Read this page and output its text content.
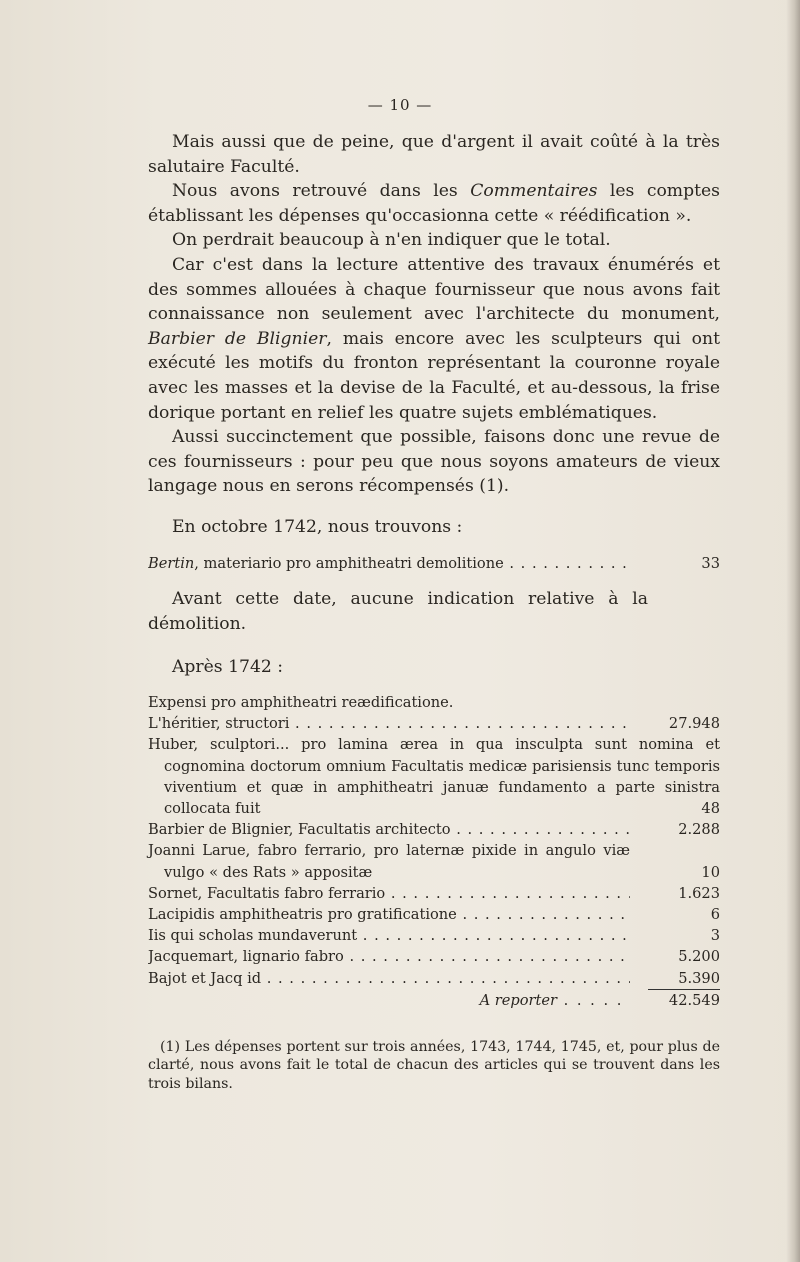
— 10 —

Mais aussi que de peine, que d'argent il avait coûté à la très salutaire Faculté.

Nous avons retrouvé dans les Commentaires les comptes établissant les dépenses qu'occasionna cette « réédification ».

On perdrait beaucoup à n'en indiquer que le total.

Car c'est dans la lecture attentive des travaux énumérés et des sommes allouées à chaque fournisseur que nous avons fait connaissance non seulement avec l'architecte du monument, Barbier de Blignier, mais encore avec les sculpteurs qui ont exécuté les motifs du fronton représentant la couronne royale avec les masses et la devise de la Faculté, et au-dessous, la frise dorique portant en relief les quatre sujets emblématiques.

Aussi succinctement que possible, faisons donc une revue de ces fournisseurs : pour peu que nous soyons amateurs de vieux langage nous en serons récompensés (1).

En octobre 1742, nous trouvons :
Bertin, materiario pro amphitheatri demolitione . . .	33

Avant cette date, aucune indication relative à la démolition.

Après 1742 :
Expensi pro amphitheatri reædificatione.
L'héritier, structori . . .	27.948
Huber, sculptori... pro lamina ærea in qua insculpta sunt nomina et cognomina doctorum omnium Facultatis medicæ parisiensis tunc temporis viventium et quæ in amphitheatri januæ fundamento a parte sinistra collocata fuit	48
Barbier de Blignier, Facultatis architecto . . .	2.288
Joanni Larue, fabro ferrario, pro laternæ pixide in angulo viæ vulgo « des Rats » appositæ	10
Sornet, Facultatis fabro ferrario . . .	1.623
Lacipidis amphitheatris pro gratificatione . . .	6
Iis qui scholas mundaverunt . . .	3
Jacquemart, lignario fabro . . .	5.200
Bajot et Jacq id . . .	5.390
A reporter . . . . .	42.549

(1) Les dépenses portent sur trois années, 1743, 1744, 1745, et, pour plus de clarté, nous avons fait le total de chacun des articles qui se trouvent dans les trois bilans.
